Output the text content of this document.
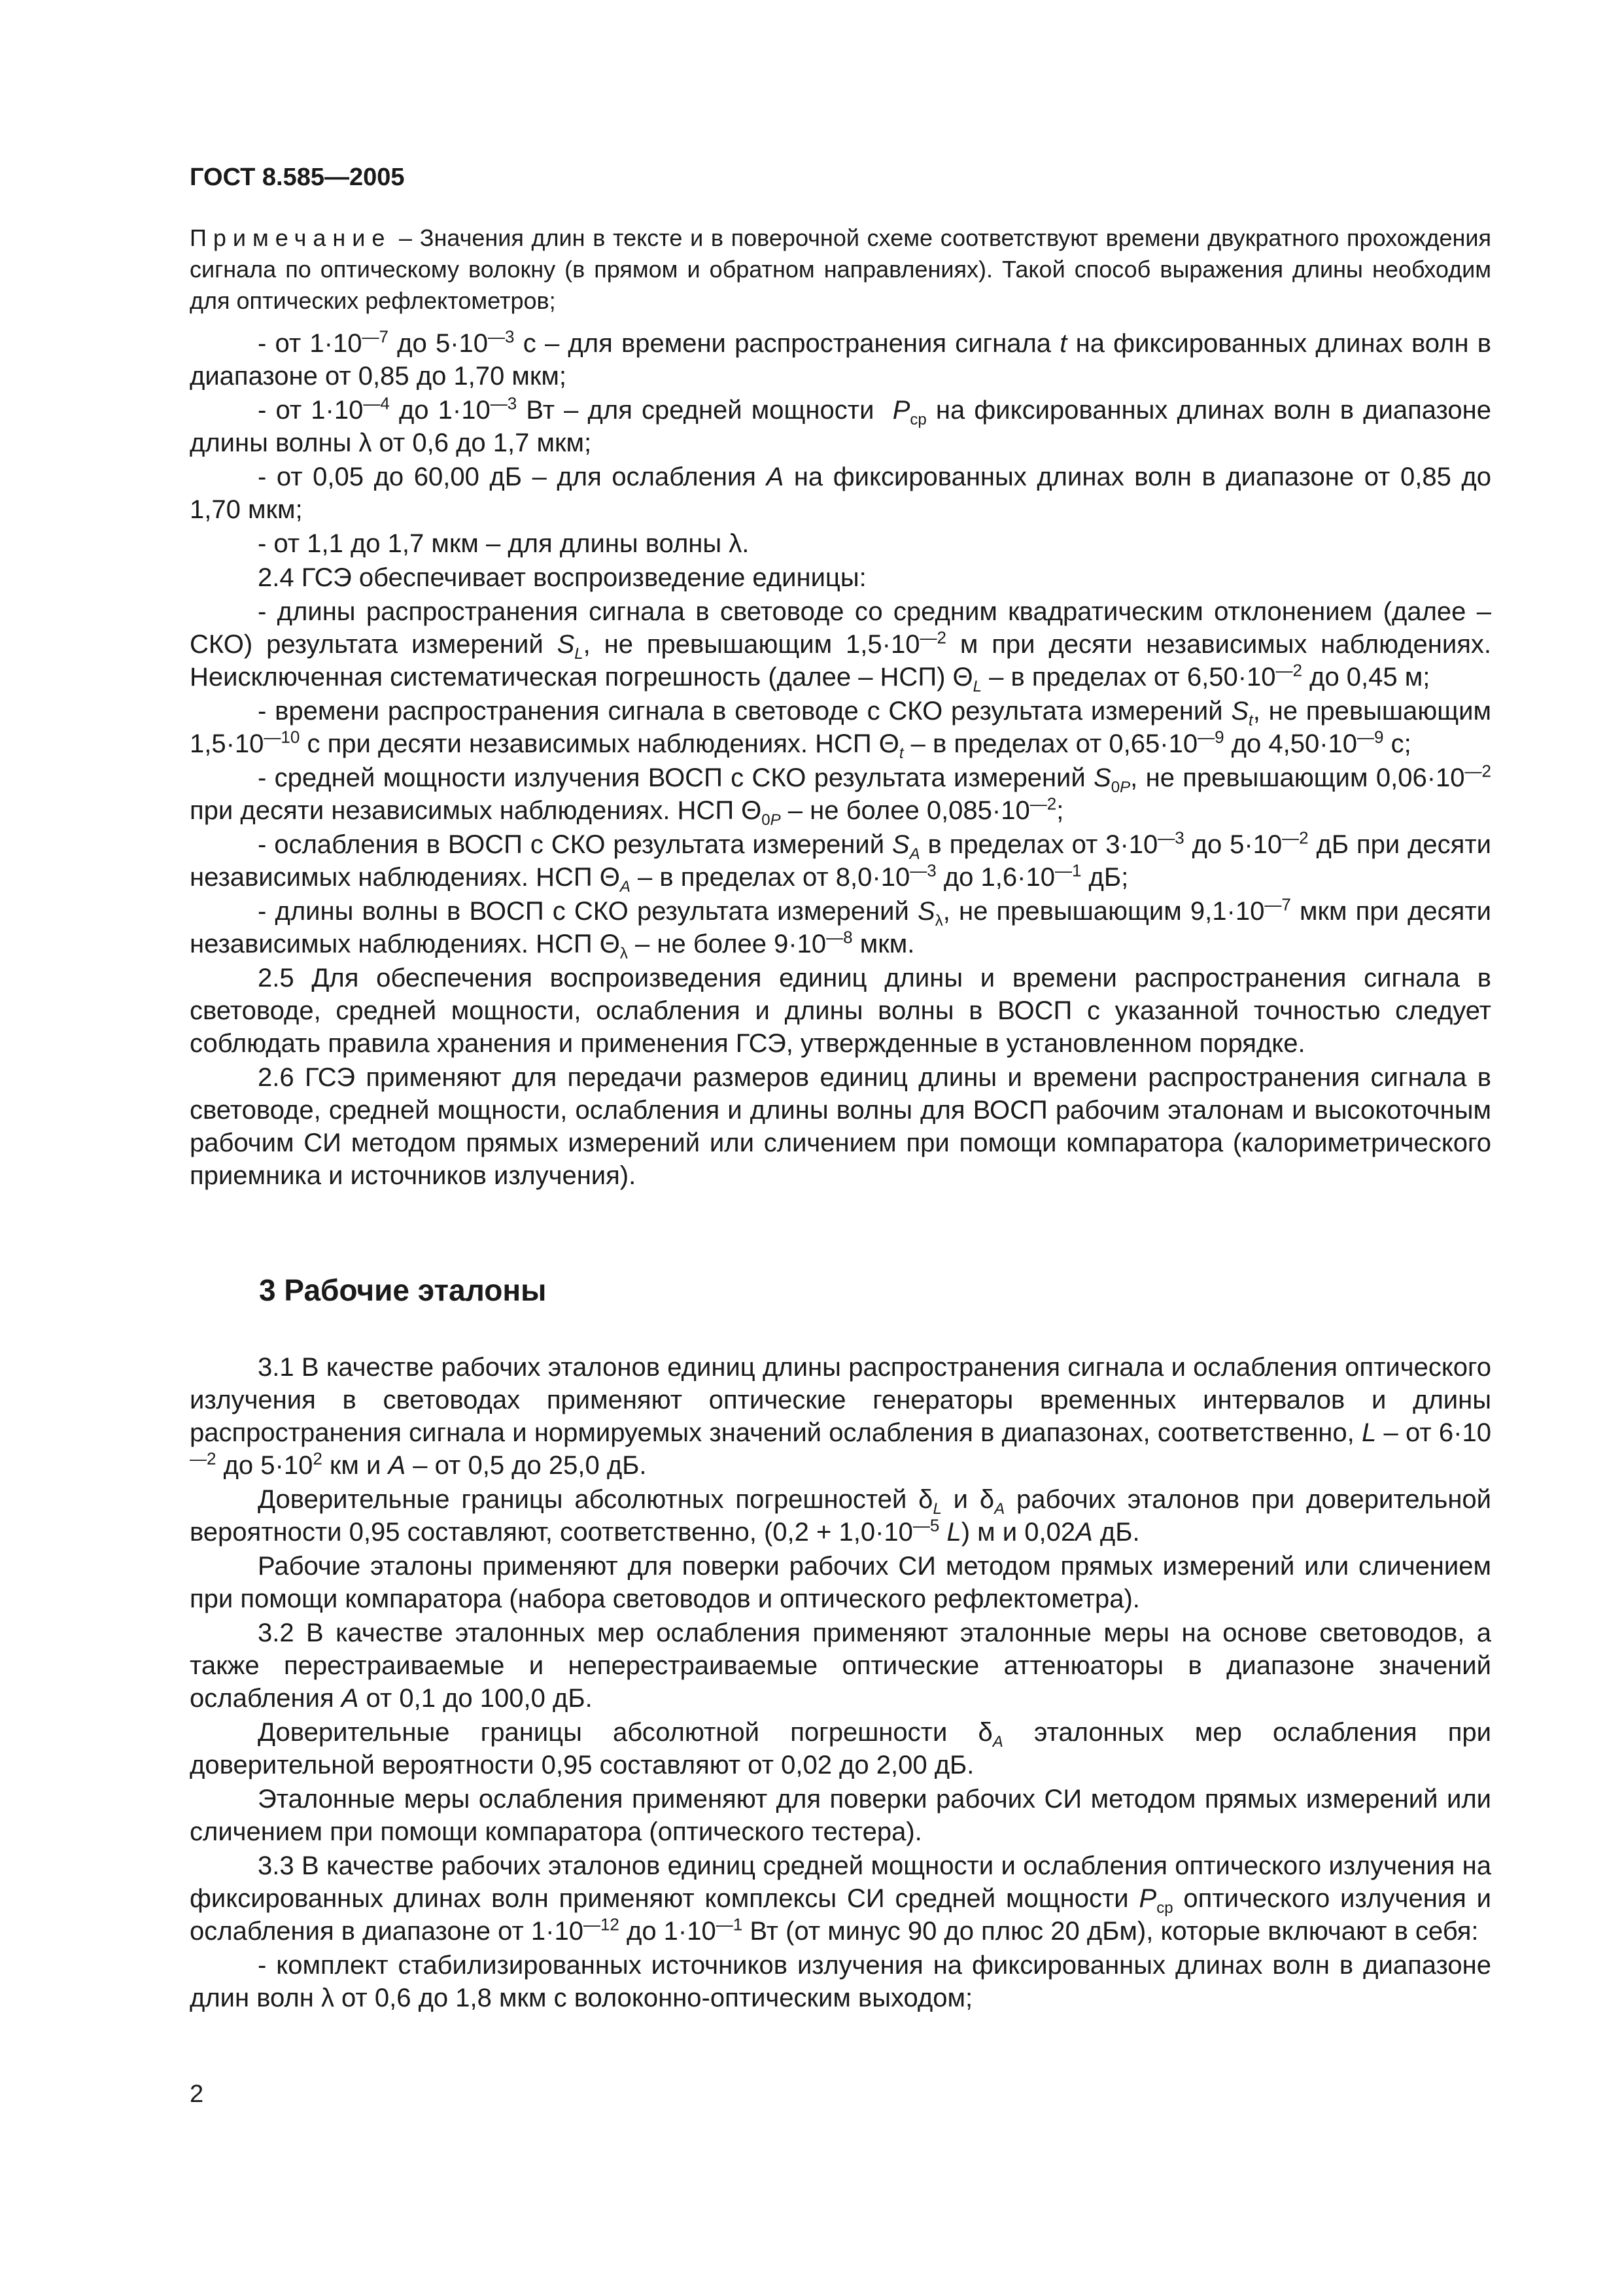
ГОСТ 8.585—2005
Примечание – Значения длин в тексте и в поверочной схеме соответствуют времени двукратного прохождения сигнала по оптическому волокну (в прямом и обратном направлениях). Такой способ выражения длины необходим для оптических рефлектометров;

- от $1\cdot 10^{—7}$ до $5\cdot 10^{—3}$ с – для времени распространения сигнала t на фиксированных длинах волн в диапазоне от 0,85 до 1,70 мкм;

- от $1\cdot 10^{—4}$ до $1\cdot 10^{—3}$ Вт – для средней мощности  $P_{ср}$ на фиксированных длинах волн в диапазоне длины волны λ от 0,6 до 1,7 мкм;

- от 0,05 до 60,00 дБ – для ослабления A на фиксированных длинах волн в диапазоне от 0,85 до 1,70 мкм;

- от 1,1 до 1,7 мкм – для длины волны λ.

2.4 ГСЭ обеспечивает воспроизведение единицы:

- длины распространения сигнала в световоде со средним квадратическим отклонением (далее – СКО) результата измерений $S_L$, не превышающим $1,5\cdot 10^{—2}$ м при десяти независимых наблюдениях. Неисключенная систематическая погрешность (далее – НСП) $\Theta_L$ – в пределах от $6,50\cdot 10^{—2}$ до 0,45 м;

- времени распространения сигнала в световоде с СКО результата измерений $S_t$, не превышающим $1,5\cdot 10^{—10}$ с при десяти независимых наблюдениях. НСП $\Theta_t$ – в пределах от $0,65\cdot 10^{—9}$ до $4,50\cdot 10^{—9}$ с;

- средней мощности излучения ВОСП с СКО результата измерений $S_{0P}$, не превышающим $0,06\cdot 10^{—2}$ при десяти независимых наблюдениях. НСП $\Theta_{0P}$ – не более $0,085\cdot 10^{—2}$;

- ослабления в ВОСП с СКО результата измерений $S_A$ в пределах от $3\cdot 10^{—3}$ до $5\cdot 10^{—2}$ дБ при десяти независимых наблюдениях. НСП $\Theta_A$ – в пределах от $8,0\cdot 10^{—3}$ до $1,6\cdot 10^{—1}$ дБ;

- длины волны в ВОСП с СКО результата измерений $S_\lambda$, не превышающим $9,1\cdot 10^{—7}$ мкм при десяти независимых наблюдениях. НСП $\Theta_\lambda$ – не более $9\cdot 10^{—8}$ мкм.

2.5 Для обеспечения воспроизведения единиц длины и времени распространения сигнала в световоде, средней мощности, ослабления и длины волны в ВОСП с указанной точностью следует соблюдать правила хранения и применения ГСЭ, утвержденные в установленном порядке.

2.6 ГСЭ применяют для передачи размеров единиц длины и времени распространения сигнала в световоде, средней мощности, ослабления и длины волны для ВОСП рабочим эталонам и высокоточным рабочим СИ методом прямых измерений или сличением при помощи компаратора (калориметрического приемника и источников излучения).

3 Рабочие эталоны

3.1 В качестве рабочих эталонов единиц длины распространения сигнала и ослабления оптического излучения в световодах применяют оптические генераторы временных интервалов и длины распространения сигнала и нормируемых значений ослабления в диапазонах, соответственно, L – от $6\cdot 10^{—2}$ до $5\cdot 10^2$ км и A – от 0,5 до 25,0 дБ.

Доверительные границы абсолютных погрешностей $\delta_L$ и $\delta_A$ рабочих эталонов при доверительной вероятности 0,95 составляют, соответственно, ($0,2 + 1,0\cdot 10^{—5}$ L) м и 0,02A дБ.

Рабочие эталоны применяют для поверки рабочих СИ методом прямых измерений или сличением при помощи компаратора (набора световодов и оптического рефлектометра).

3.2 В качестве эталонных мер ослабления применяют эталонные меры на основе световодов, а также перестраиваемые и неперестраиваемые оптические аттенюаторы в диапазоне значений ослабления A от 0,1 до 100,0 дБ.

Доверительные границы абсолютной погрешности $\delta_A$ эталонных мер ослабления при доверительной вероятности 0,95 составляют от 0,02 до 2,00 дБ.

Эталонные меры ослабления применяют для поверки рабочих СИ методом прямых измерений или сличением при помощи компаратора (оптического тестера).

3.3 В качестве рабочих эталонов единиц средней мощности и ослабления оптического излучения на фиксированных длинах волн применяют комплексы СИ средней мощности $P_{ср}$ оптического излучения и ослабления в диапазоне от $1\cdot 10^{—12}$ до $1\cdot 10^{—1}$ Вт (от минус 90 до плюс 20 дБм), которые включают в себя:

- комплект стабилизированных источников излучения на фиксированных длинах волн в диапазоне длин волн λ от 0,6 до 1,8 мкм с волоконно-оптическим выходом;

2
